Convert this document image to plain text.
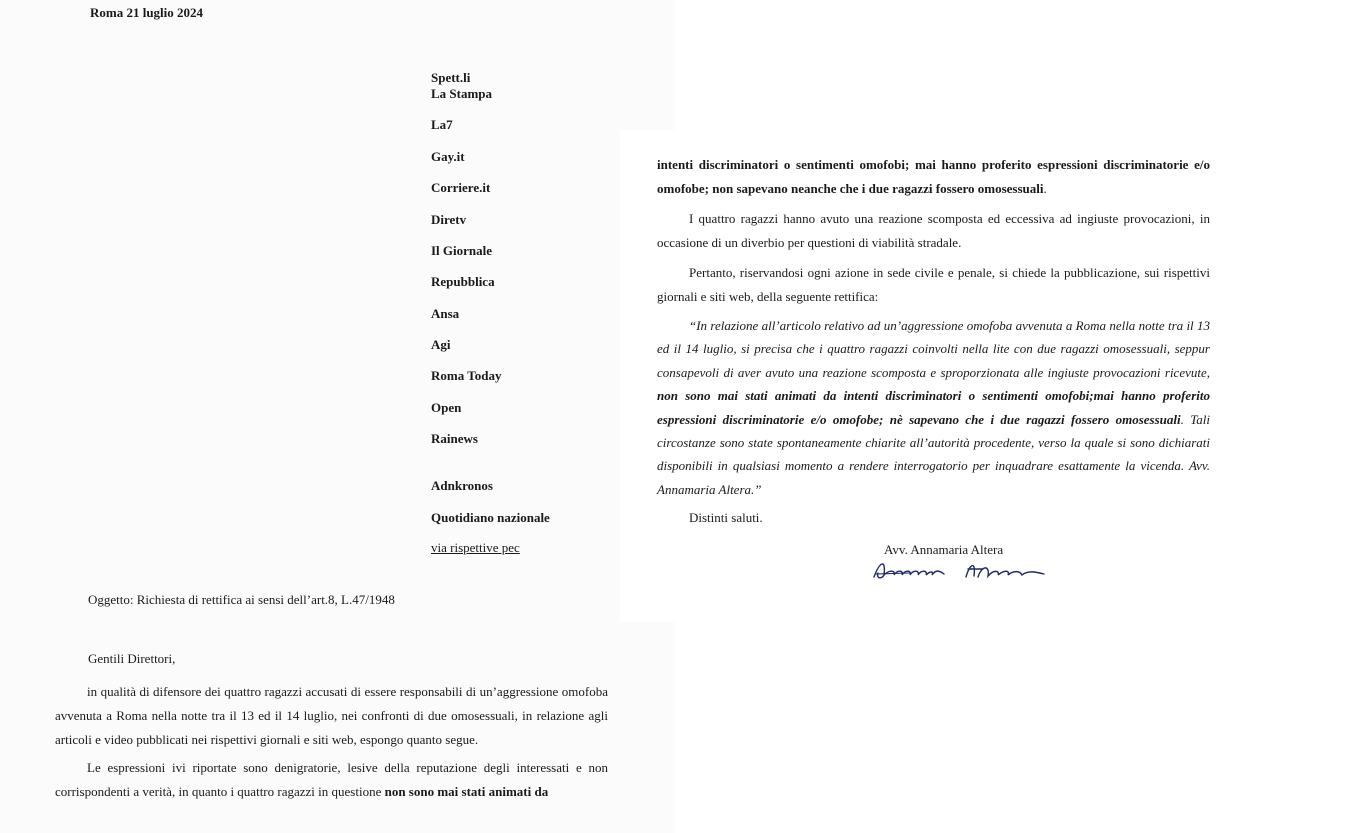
Roma 21 luglio 2024
Spett.li
La Stampa
La7
Gay.it
Corriere.it
Diretv
Il Giornale
Repubblica
Ansa
Agi
Roma Today
Open
Rainews
Adnkronos
Quotidiano nazionale
via rispettive pec
Oggetto: Richiesta di rettifica ai sensi dell’art.8, L.47/1948
Gentili Direttori,
in qualità di difensore dei quattro ragazzi accusati di essere responsabili di un’aggressione omofoba avvenuta a Roma nella notte tra il 13 ed il 14 luglio, nei confronti di due omosessuali, in relazione agli articoli e video pubblicati nei rispettivi giornali e siti web, espongo quanto segue.
Le espressioni ivi riportate sono denigratorie, lesive della reputazione degli interessati e non corrispondenti a verità, in quanto i quattro ragazzi in questione non sono mai stati animati da
intenti discriminatori o sentimenti omofobi; mai hanno proferito espressioni discriminatorie e/o omofobe; non sapevano neanche che i due ragazzi fossero omosessuali.
I quattro ragazzi hanno avuto una reazione scomposta ed eccessiva ad ingiuste provocazioni, in occasione di un diverbio per questioni di viabilità stradale.
Pertanto, riservandosi ogni azione in sede civile e penale, si chiede la pubblicazione, sui rispettivi giornali e siti web, della seguente rettifica:
“In relazione all’articolo relativo ad un’aggressione omofoba avvenuta a Roma nella notte tra il 13 ed il 14 luglio, si precisa che i quattro ragazzi coinvolti nella lite con due ragazzi omosessuali, seppur consapevoli di aver avuto una reazione scomposta e sproporzionata alle ingiuste provocazioni ricevute, non sono mai stati animati da intenti discriminatori o sentimenti omofobi;mai hanno proferito espressioni discriminatorie e/o omofobe; nè sapevano che i due ragazzi fossero omosessuali. Tali circostanze sono state spontaneamente chiarite all’autorità procedente, verso la quale si sono dichiarati disponibili in qualsiasi momento a rendere interrogatorio per inquadrare esattamente la vicenda. Avv. Annamaria Altera.”
Distinti saluti.
Avv. Annamaria Altera
